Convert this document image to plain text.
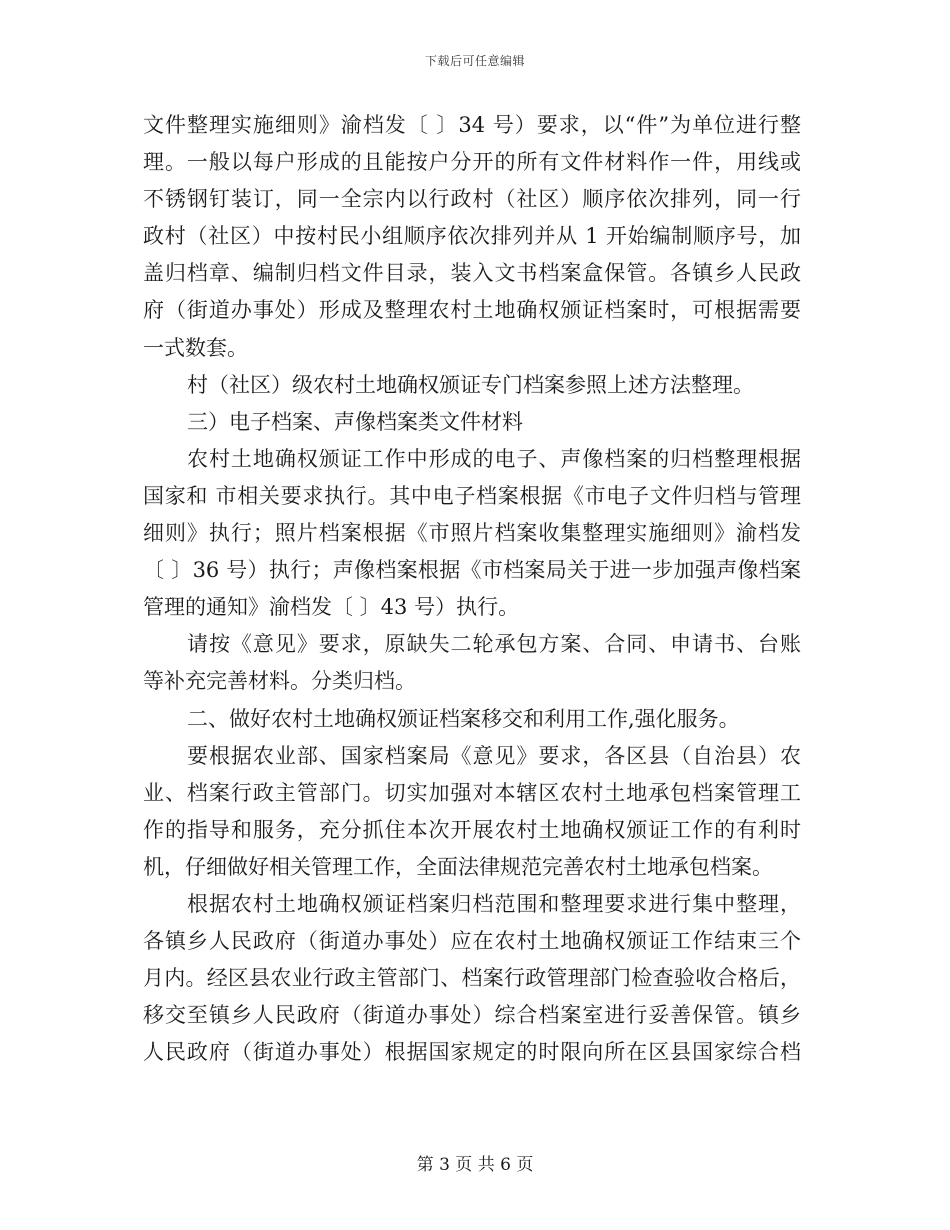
下载后可任意编辑
文件整理实施细则》渝档发〔 〕34 号）要求，以“件”为单位进行整
理。一般以每户形成的且能按户分开的所有文件材料作一件，用线或
不锈钢钉装订，同一全宗内以行政村（社区）顺序依次排列，同一行
政村（社区）中按村民小组顺序依次排列并从 1 开始编制顺序号，加
盖归档章、编制归档文件目录，装入文书档案盒保管。各镇乡人民政
府（街道办事处）形成及整理农村土地确权颁证档案时，可根据需要
一式数套。
村（社区）级农村土地确权颁证专门档案参照上述方法整理。
三）电子档案、声像档案类文件材料
农村土地确权颁证工作中形成的电子、声像档案的归档整理根据
国家和 市相关要求执行。其中电子档案根据《市电子文件归档与管理
细则》执行；照片档案根据《市照片档案收集整理实施细则》渝档发
〔 〕36 号）执行；声像档案根据《市档案局关于进一步加强声像档案
管理的通知》渝档发〔 〕43 号）执行。
请按《意见》要求，原缺失二轮承包方案、合同、申请书、台账
等补充完善材料。分类归档。
二、做好农村土地确权颁证档案移交和利用工作,强化服务。
要根据农业部、国家档案局《意见》要求，各区县（自治县）农
业、档案行政主管部门。切实加强对本辖区农村土地承包档案管理工
作的指导和服务，充分抓住本次开展农村土地确权颁证工作的有利时
机，仔细做好相关管理工作，全面法律规范完善农村土地承包档案。
根据农村土地确权颁证档案归档范围和整理要求进行集中整理，
各镇乡人民政府（街道办事处）应在农村土地确权颁证工作结束三个
月内。经区县农业行政主管部门、档案行政管理部门检查验收合格后，
移交至镇乡人民政府（街道办事处）综合档案室进行妥善保管。镇乡
人民政府（街道办事处）根据国家规定的时限向所在区县国家综合档
第 3 页 共 6 页
